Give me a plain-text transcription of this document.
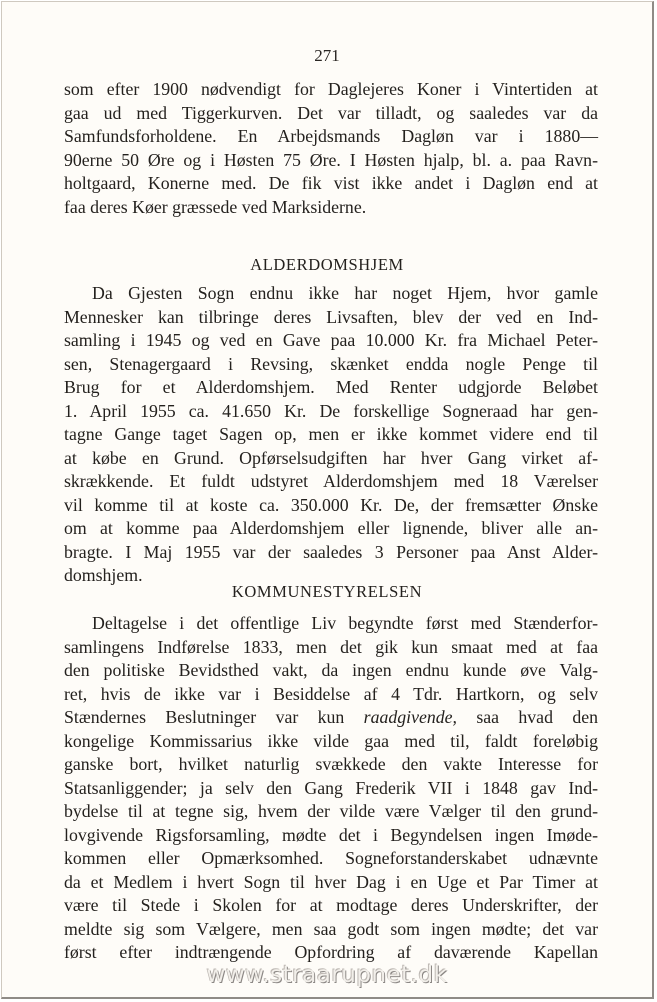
271
som efter 1900 nødvendigt for Daglejeres Koner i Vintertiden at
gaa ud med Tiggerkurven. Det var tilladt, og saaledes var da
Samfundsforholdene. En Arbejdsmands Dagløn var i 1880—
90erne 50 Øre og i Høsten 75 Øre. I Høsten hjalp, bl. a. paa Ravn-
holtgaard, Konerne med. De fik vist ikke andet i Dagløn end at
faa deres Køer græssede ved Marksiderne.
ALDERDOMSHJEM
Da Gjesten Sogn endnu ikke har noget Hjem, hvor gamle
Mennesker kan tilbringe deres Livsaften, blev der ved en Ind-
samling i 1945 og ved en Gave paa 10.000 Kr. fra Michael Peter-
sen, Stenagergaard i Revsing, skænket endda nogle Penge til
Brug for et Alderdomshjem. Med Renter udgjorde Beløbet
1. April 1955 ca. 41.650 Kr. De forskellige Sogneraad har gen-
tagne Gange taget Sagen op, men er ikke kommet videre end til
at købe en Grund. Opførselsudgiften har hver Gang virket af-
skrækkende. Et fuldt udstyret Alderdomshjem med 18 Værelser
vil komme til at koste ca. 350.000 Kr. De, der fremsætter Ønske
om at komme paa Alderdomshjem eller lignende, bliver alle an-
bragte. I Maj 1955 var der saaledes 3 Personer paa Anst Alder-
domshjem.
KOMMUNESTYRELSEN
Deltagelse i det offentlige Liv begyndte først med Stænderfor-
samlingens Indførelse 1833, men det gik kun smaat med at faa
den politiske Bevidsthed vakt, da ingen endnu kunde øve Valg-
ret, hvis de ikke var i Besiddelse af 4 Tdr. Hartkorn, og selv
Stændernes Beslutninger var kun raadgivende, saa hvad den
kongelige Kommissarius ikke vilde gaa med til, faldt foreløbig
ganske bort, hvilket naturlig svækkede den vakte Interesse for
Statsanliggender; ja selv den Gang Frederik VII i 1848 gav Ind-
bydelse til at tegne sig, hvem der vilde være Vælger til den grund-
lovgivende Rigsforsamling, mødte det i Begyndelsen ingen Imøde-
kommen eller Opmærksomhed. Sogneforstanderskabet udnævnte
da et Medlem i hvert Sogn til hver Dag i en Uge et Par Timer at
være til Stede i Skolen for at modtage deres Underskrifter, der
meldte sig som Vælgere, men saa godt som ingen mødte; det var
først efter indtrængende Opfordring af daværende Kapellan
www.straarupnet.dk
